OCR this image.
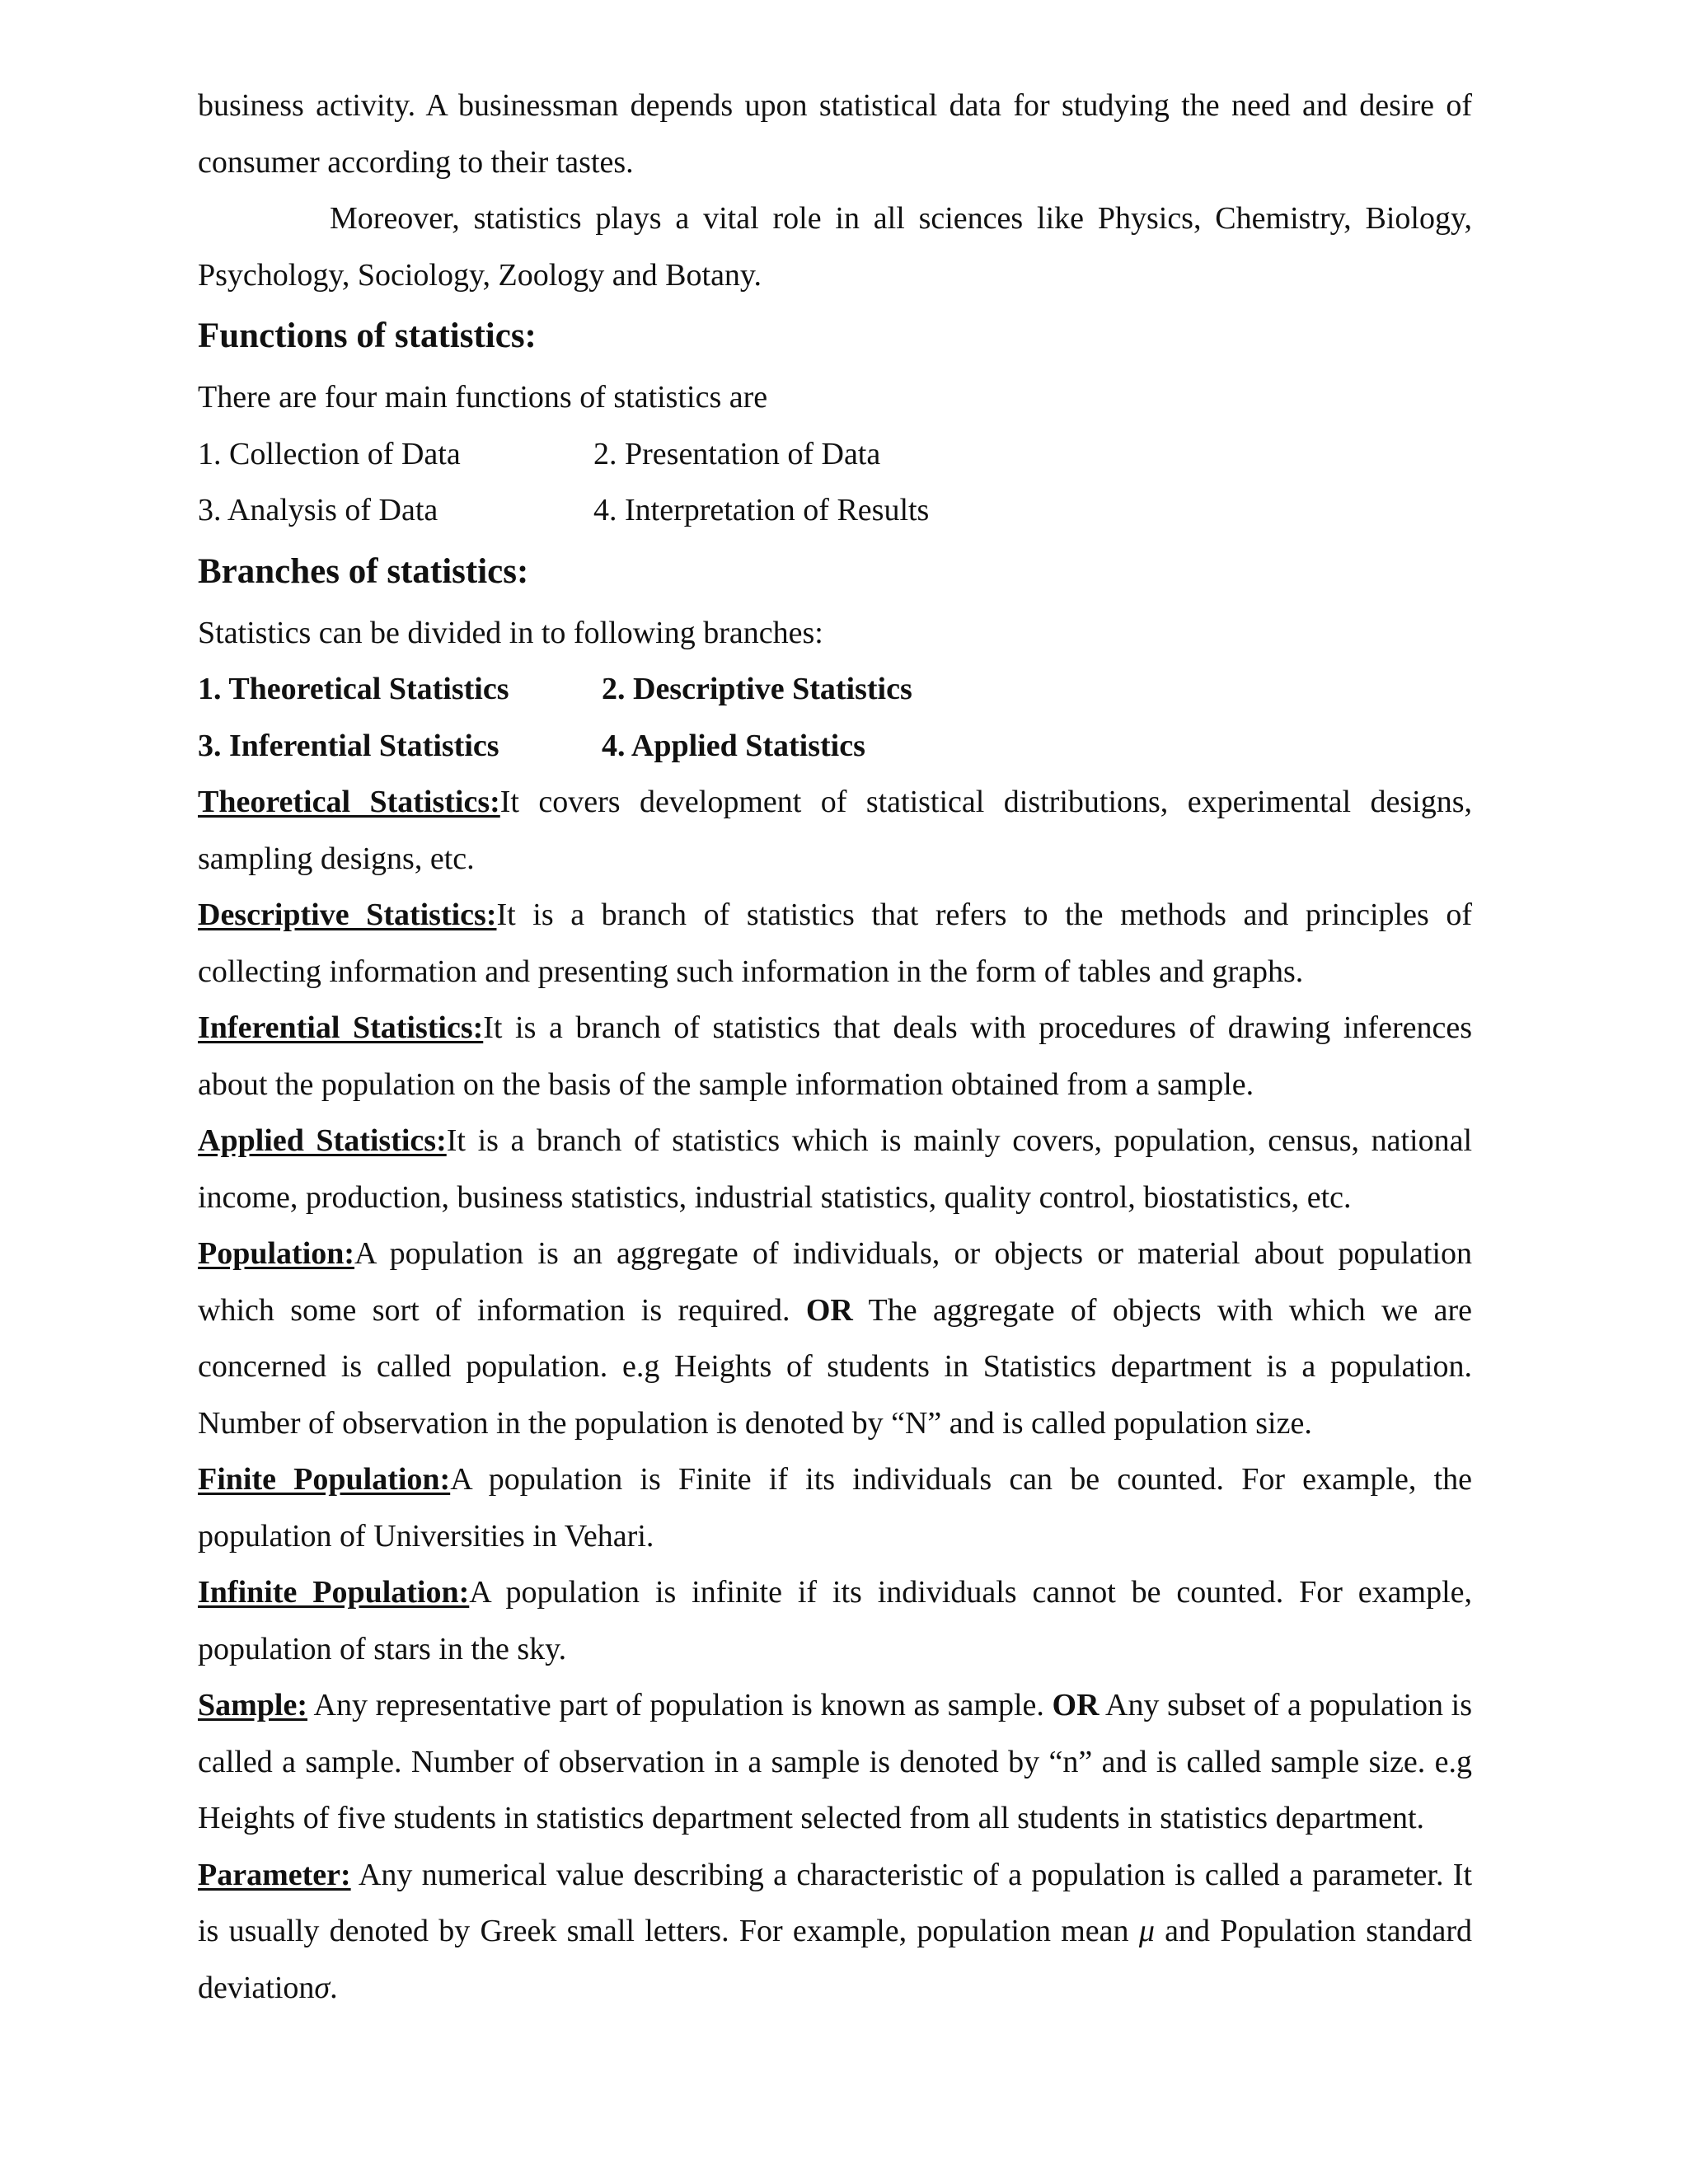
business activity. A businessman depends upon statistical data for studying the need and desire of consumer according to their tastes.

Moreover, statistics plays a vital role in all sciences like Physics, Chemistry, Biology, Psychology, Sociology, Zoology and Botany.

Functions of statistics:

There are four main functions of statistics are

1. Collection of Data	2. Presentation of Data
3. Analysis of Data	4. Interpretation of Results
Branches of statistics:

Statistics can be divided in to following branches:

1. Theoretical Statistics	2. Descriptive Statistics
3. Inferential Statistics	4. Applied Statistics

Theoretical Statistics:It covers development of statistical distributions, experimental designs, sampling designs, etc.

Descriptive Statistics:It is a branch of statistics that refers to the methods and principles of collecting information and presenting such information in the form of tables and graphs.

Inferential Statistics:It is a branch of statistics that deals with procedures of drawing inferences about the population on the basis of the sample information obtained from a sample.

Applied Statistics:It is a branch of statistics which is mainly covers, population, census, national income, production, business statistics, industrial statistics, quality control, biostatistics, etc.

Population:A population is an aggregate of individuals, or objects or material about population which some sort of information is required. OR The aggregate of objects with which we are concerned is called population. e.g Heights of students in Statistics department is a population. Number of observation in the population is denoted by “N” and is called population size.

Finite Population:A population is Finite if its individuals can be counted. For example, the population of Universities in Vehari.

Infinite Population:A population is infinite if its individuals cannot be counted. For example, population of stars in the sky.

Sample: Any representative part of population is known as sample. OR Any subset of a population is called a sample. Number of observation in a sample is denoted by “n” and is called sample size. e.g Heights of five students in statistics department selected from all students in statistics department.

Parameter: Any numerical value describing a characteristic of a population is called a parameter. It is usually denoted by Greek small letters. For example, population mean μ and Population standard deviationσ.
